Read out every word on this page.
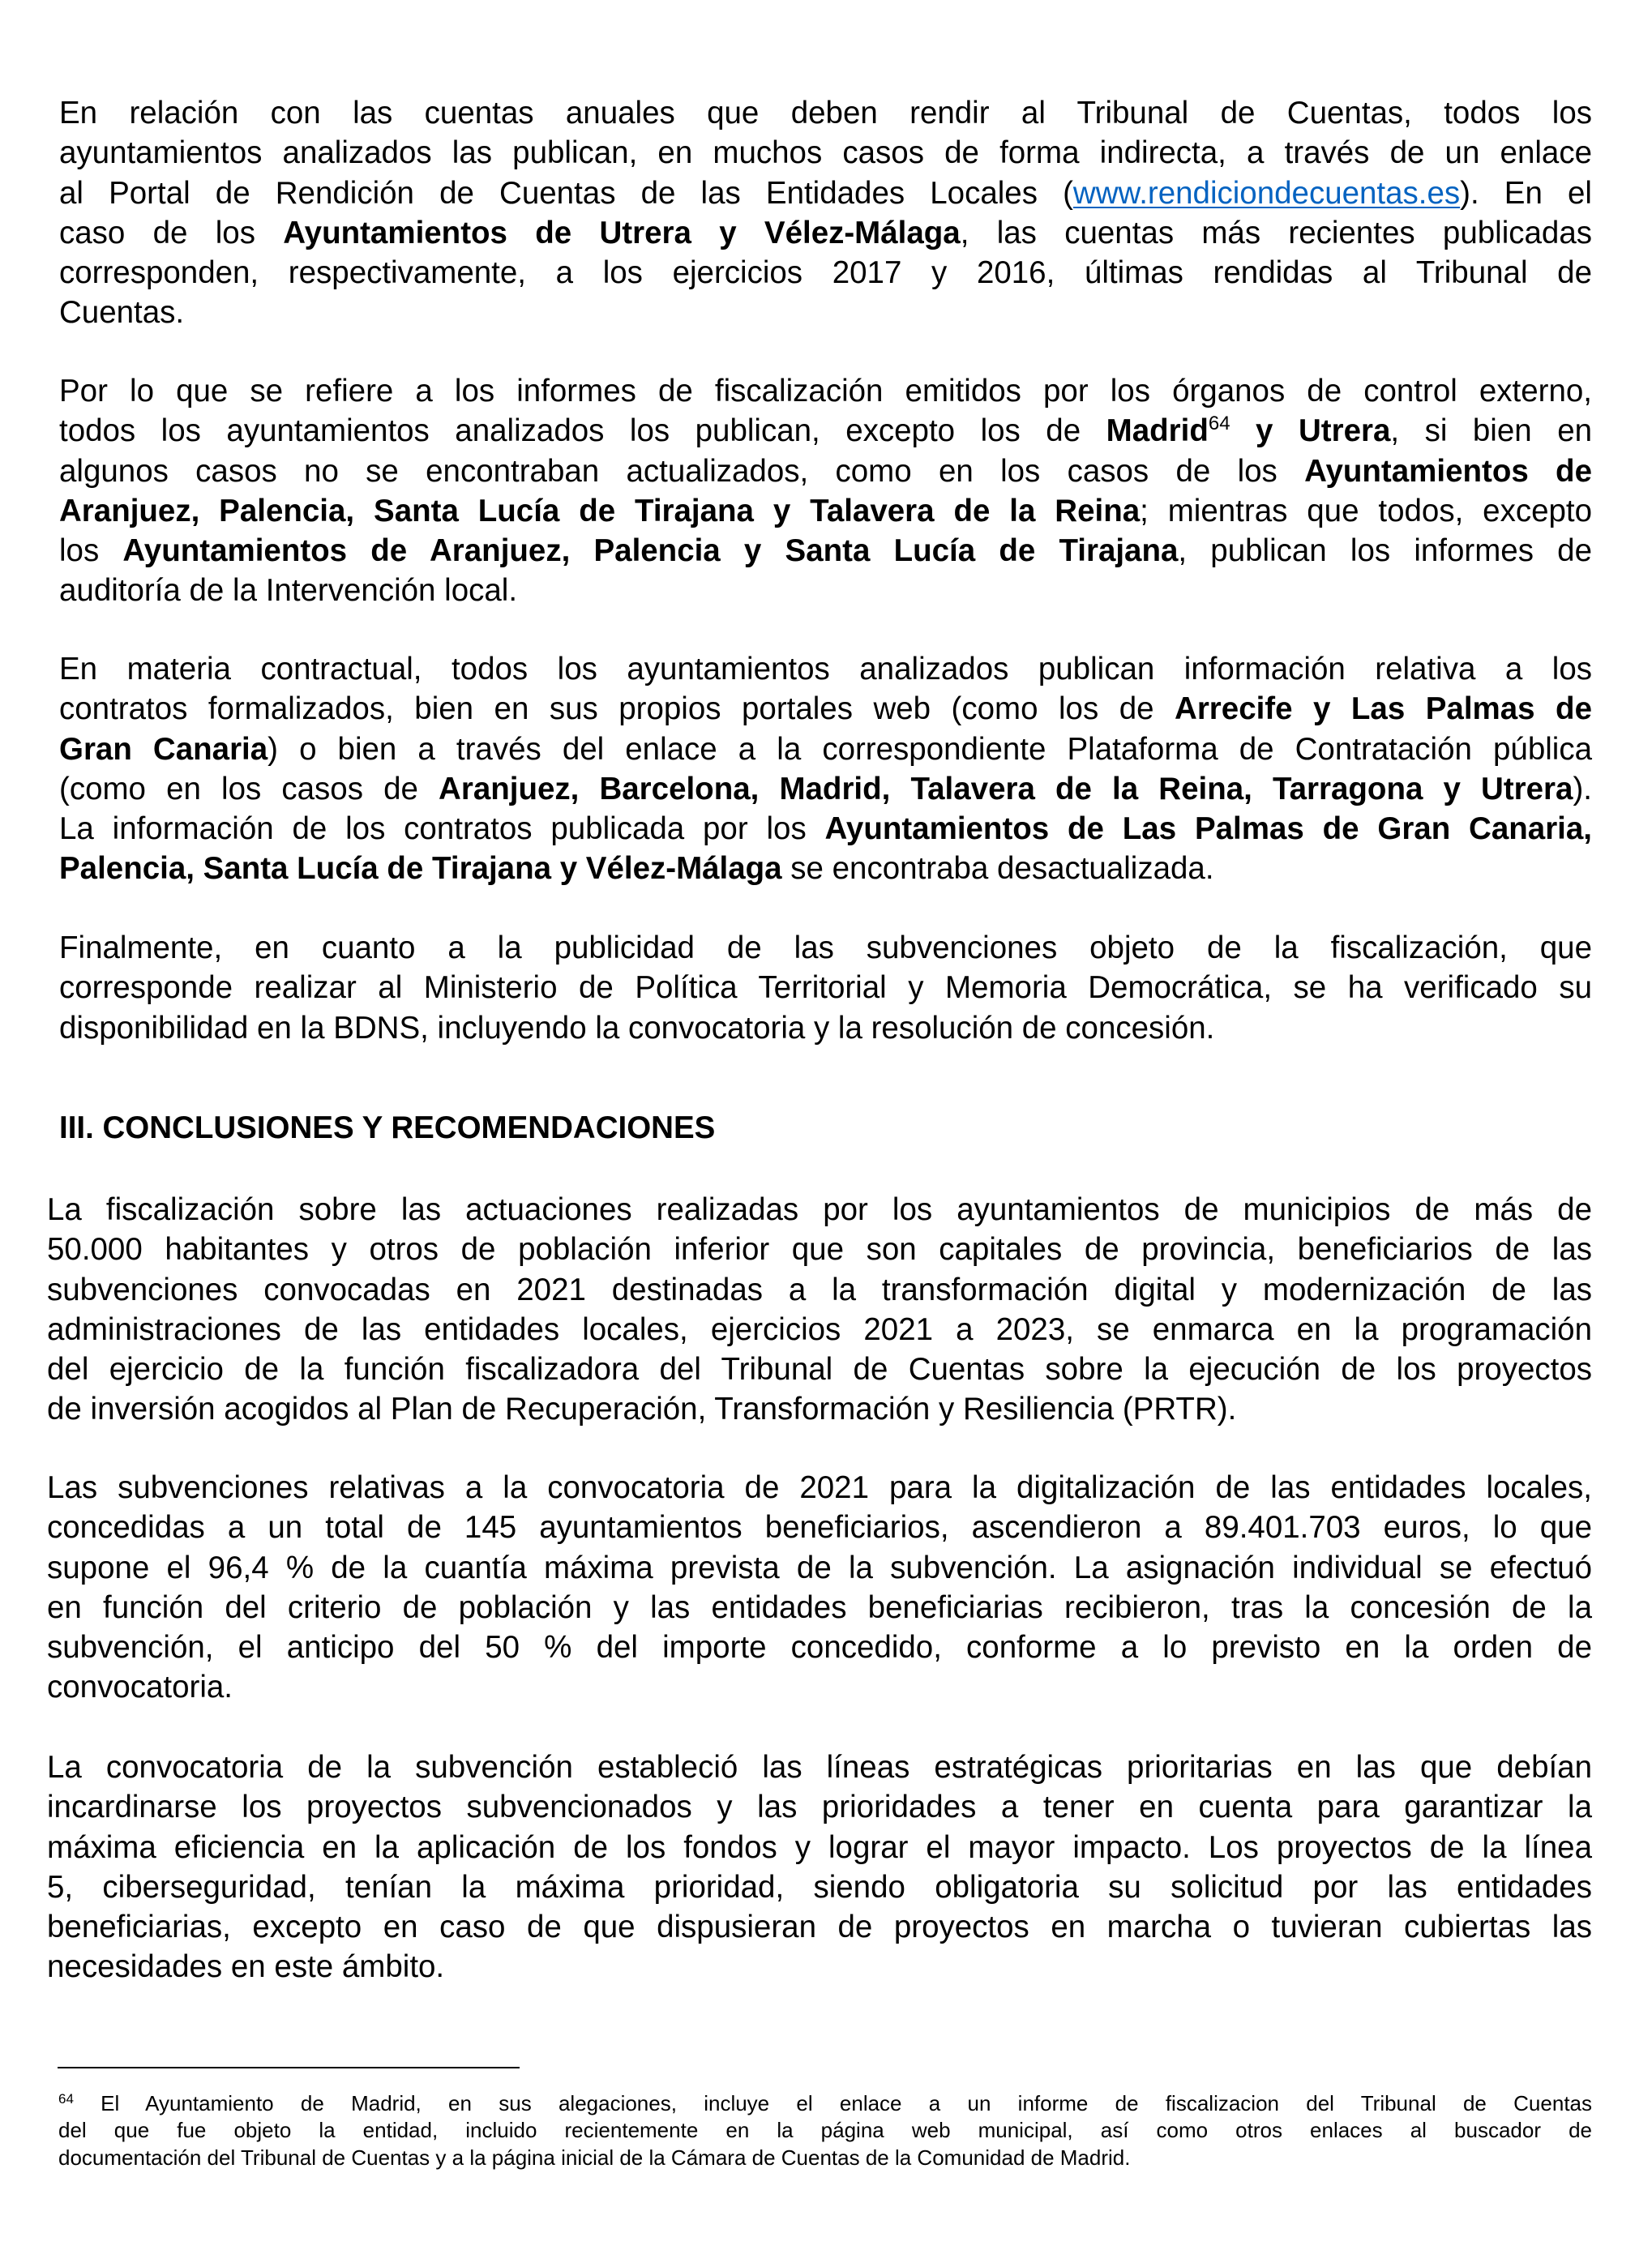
En relación con las cuentas anuales que deben rendir al Tribunal de Cuentas, todos los
ayuntamientos analizados las publican, en muchos casos de forma indirecta, a través de un enlace
al Portal de Rendición de Cuentas de las Entidades Locales (www.rendiciondecuentas.es). En el
caso de los Ayuntamientos de Utrera y Vélez-Málaga, las cuentas más recientes publicadas
corresponden, respectivamente, a los ejercicios 2017 y 2016, últimas rendidas al Tribunal de
Cuentas.
Por lo que se refiere a los informes de fiscalización emitidos por los órganos de control externo,
todos los ayuntamientos analizados los publican, excepto los de Madrid$^{64}$ y Utrera, si bien en
algunos casos no se encontraban actualizados, como en los casos de los Ayuntamientos de
Aranjuez, Palencia, Santa Lucía de Tirajana y Talavera de la Reina; mientras que todos, excepto
los Ayuntamientos de Aranjuez, Palencia y Santa Lucía de Tirajana, publican los informes de
auditoría de la Intervención local.
En materia contractual, todos los ayuntamientos analizados publican información relativa a los
contratos formalizados, bien en sus propios portales web (como los de Arrecife y Las Palmas de
Gran Canaria) o bien a través del enlace a la correspondiente Plataforma de Contratación pública
(como en los casos de Aranjuez, Barcelona, Madrid, Talavera de la Reina, Tarragona y Utrera).
La información de los contratos publicada por los Ayuntamientos de Las Palmas de Gran Canaria,
Palencia, Santa Lucía de Tirajana y Vélez-Málaga se encontraba desactualizada.
Finalmente, en cuanto a la publicidad de las subvenciones objeto de la fiscalización, que
corresponde realizar al Ministerio de Política Territorial y Memoria Democrática, se ha verificado su
disponibilidad en la BDNS, incluyendo la convocatoria y la resolución de concesión.
III. CONCLUSIONES Y RECOMENDACIONES
La fiscalización sobre las actuaciones realizadas por los ayuntamientos de municipios de más de
50.000 habitantes y otros de población inferior que son capitales de provincia, beneficiarios de las
subvenciones convocadas en 2021 destinadas a la transformación digital y modernización de las
administraciones de las entidades locales, ejercicios 2021 a 2023, se enmarca en la programación
del ejercicio de la función fiscalizadora del Tribunal de Cuentas sobre la ejecución de los proyectos
de inversión acogidos al Plan de Recuperación, Transformación y Resiliencia (PRTR).
Las subvenciones relativas a la convocatoria de 2021 para la digitalización de las entidades locales,
concedidas a un total de 145 ayuntamientos beneficiarios, ascendieron a 89.401.703 euros, lo que
supone el 96,4 % de la cuantía máxima prevista de la subvención. La asignación individual se efectuó
en función del criterio de población y las entidades beneficiarias recibieron, tras la concesión de la
subvención, el anticipo del 50 % del importe concedido, conforme a lo previsto en la orden de
convocatoria.
La convocatoria de la subvención estableció las líneas estratégicas prioritarias en las que debían
incardinarse los proyectos subvencionados y las prioridades a tener en cuenta para garantizar la
máxima eficiencia en la aplicación de los fondos y lograr el mayor impacto. Los proyectos de la línea
5, ciberseguridad, tenían la máxima prioridad, siendo obligatoria su solicitud por las entidades
beneficiarias, excepto en caso de que dispusieran de proyectos en marcha o tuvieran cubiertas las
necesidades en este ámbito.
$^{64}$ El Ayuntamiento de Madrid, en sus alegaciones, incluye el enlace a un informe de fiscalizacion del Tribunal de Cuentas
del que fue objeto la entidad, incluido recientemente en la página web municipal, así como otros enlaces al buscador de
documentación del Tribunal de Cuentas y a la página inicial de la Cámara de Cuentas de la Comunidad de Madrid.
